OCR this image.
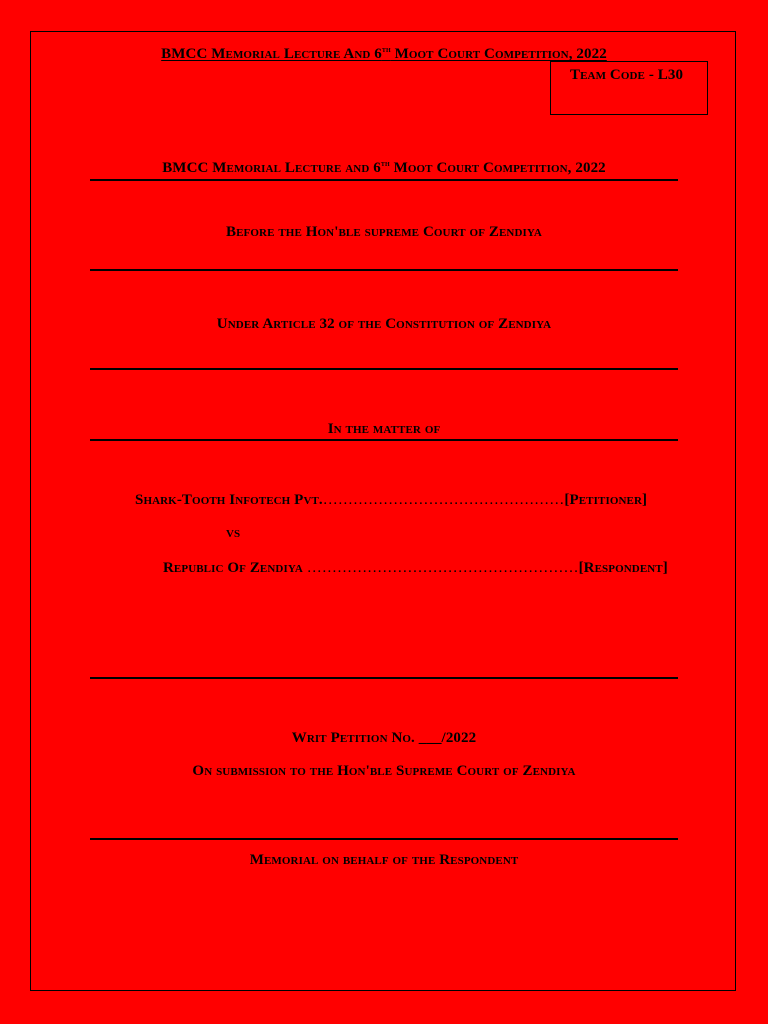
BMCC Memorial Lecture And 6th Moot Court Competition, 2022
Team Code - L30
BMCC Memorial Lecture and 6th Moot Court Competition, 2022
Before the Hon'ble supreme Court of Zendiya
Under Article 32 of the Constitution of Zendiya
In the matter of
Shark-Tooth Infotech Pvt.…………………………………………[Petitioner]
vs
Republic Of Zendiya ………………………………………………[Respondent]
Writ Petition No. ___/2022
On submission to the Hon'ble Supreme Court of Zendiya
Memorial on behalf of the Respondent
